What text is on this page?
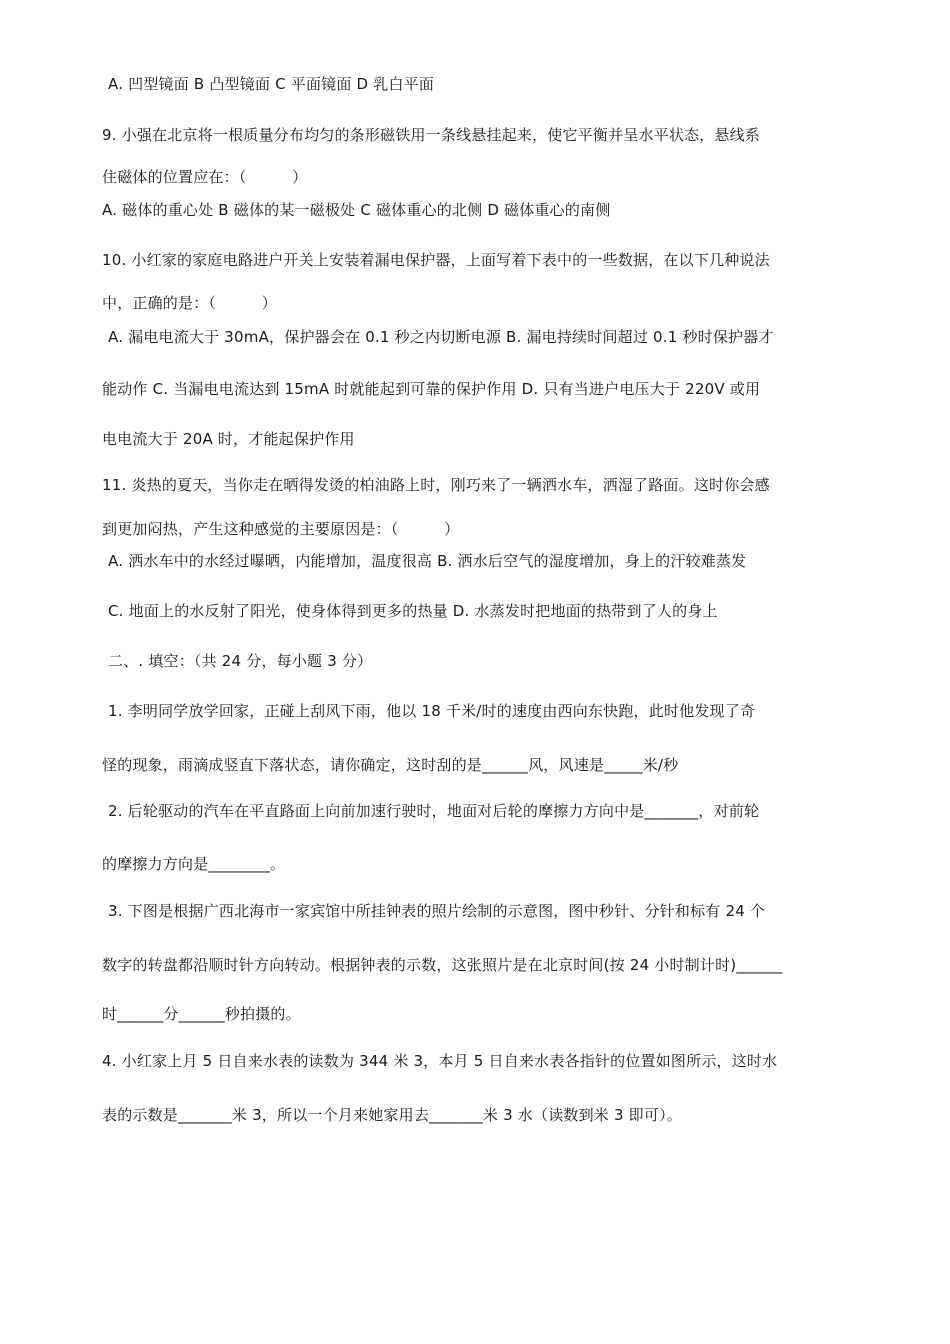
A. 凹型镜面 B 凸型镜面 C 平面镜面 D 乳白平面
9. 小强在北京将一根质量分布均匀的条形磁铁用一条线悬挂起来，使它平衡并呈水平状态，悬线系
住磁体的位置应在：（　　　）
A. 磁体的重心处 B 磁体的某一磁极处 C 磁体重心的北侧 D 磁体重心的南侧
10. 小红家的家庭电路进户开关上安装着漏电保护器，上面写着下表中的一些数据，在以下几种说法
中，正确的是：（　　　）
A. 漏电电流大于 30mA，保护器会在 0.1 秒之内切断电源 B. 漏电持续时间超过 0.1 秒时保护器才
能动作 C. 当漏电电流达到 15mA 时就能起到可靠的保护作用 D. 只有当进户电压大于 220V 或用
电电流大于 20A 时，才能起保护作用
11. 炎热的夏天，当你走在晒得发烫的柏油路上时，刚巧来了一辆洒水车，洒湿了路面。这时你会感
到更加闷热，产生这种感觉的主要原因是：（　　　）
A. 洒水车中的水经过曝晒，内能增加，温度很高 B. 洒水后空气的湿度增加，身上的汗较难蒸发
C. 地面上的水反射了阳光，使身体得到更多的热量 D. 水蒸发时把地面的热带到了人的身上
二、. 填空：（共 24 分，每小题 3 分）
1. 李明同学放学回家，正碰上刮风下雨，他以 18 千米/时的速度由西向东快跑，此时他发现了奇
怪的现象，雨滴成竖直下落状态，请你确定，这时刮的是______风，风速是_____米/秒
2. 后轮驱动的汽车在平直路面上向前加速行驶时，地面对后轮的摩擦力方向中是_______，对前轮
的摩擦力方向是________。
3. 下图是根据广西北海市一家宾馆中所挂钟表的照片绘制的示意图，图中秒针、分针和标有 24 个
数字的转盘都沿顺时针方向转动。根据钟表的示数，这张照片是在北京时间(按 24 小时制计时)______
时______分______秒拍摄的。
4. 小红家上月 5 日自来水表的读数为 344 米 3，本月 5 日自来水表各指针的位置如图所示，这时水
表的示数是_______米 3，所以一个月来她家用去_______米 3 水（读数到米 3 即可）。
